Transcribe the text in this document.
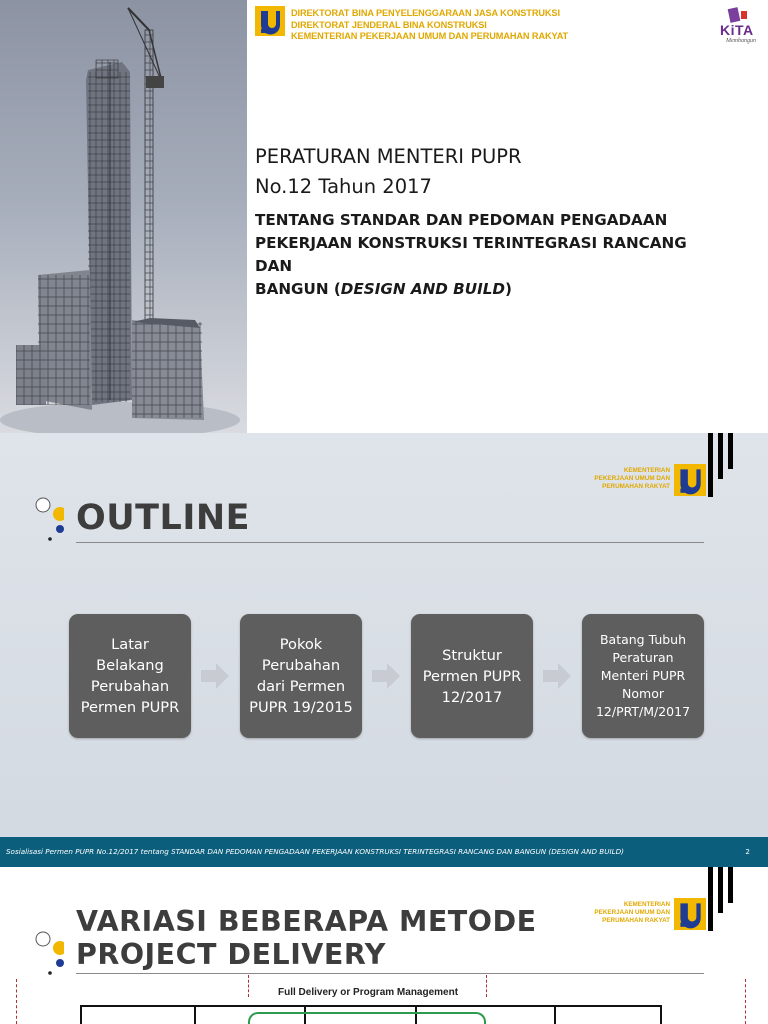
DIREKTORAT BINA PENYELENGGARAAN JASA KONSTRUKSI
DIREKTORAT JENDERAL BINA KONSTRUKSI
KEMENTERIAN PEKERJAAN UMUM DAN PERUMAHAN RAKYAT	KiTA
Membangun
PERATURAN MENTERI PUPR
No.12 Tahun 2017
TENTANG STANDAR DAN PEDOMAN PENGADAAN
PEKERJAAN KONSTRUKSI TERINTEGRASI RANCANG DAN
BANGUN (DESIGN AND BUILD)
KEMENTERIAN
PEKERJAAN UMUM DAN
PERUMAHAN RAKYAT
OUTLINE
Latar Belakang Perubahan Permen PUPR
Pokok Perubahan dari Permen PUPR 19/2015
Struktur Permen PUPR 12/2017
Batang Tubuh Peraturan Menteri PUPR Nomor 12/PRT/M/2017
Sosialisasi Permen PUPR No.12/2017 tentang STANDAR DAN PEDOMAN PENGADAAN PEKERJAAN KONSTRUKSI TERINTEGRASI RANCANG DAN BANGUN (DESIGN AND BUILD)	2
KEMENTERIAN
PEKERJAAN UMUM DAN
PERUMAHAN RAKYAT
VARIASI BEBERAPA METODE
PROJECT DELIVERY
Full Delivery or Program Management
